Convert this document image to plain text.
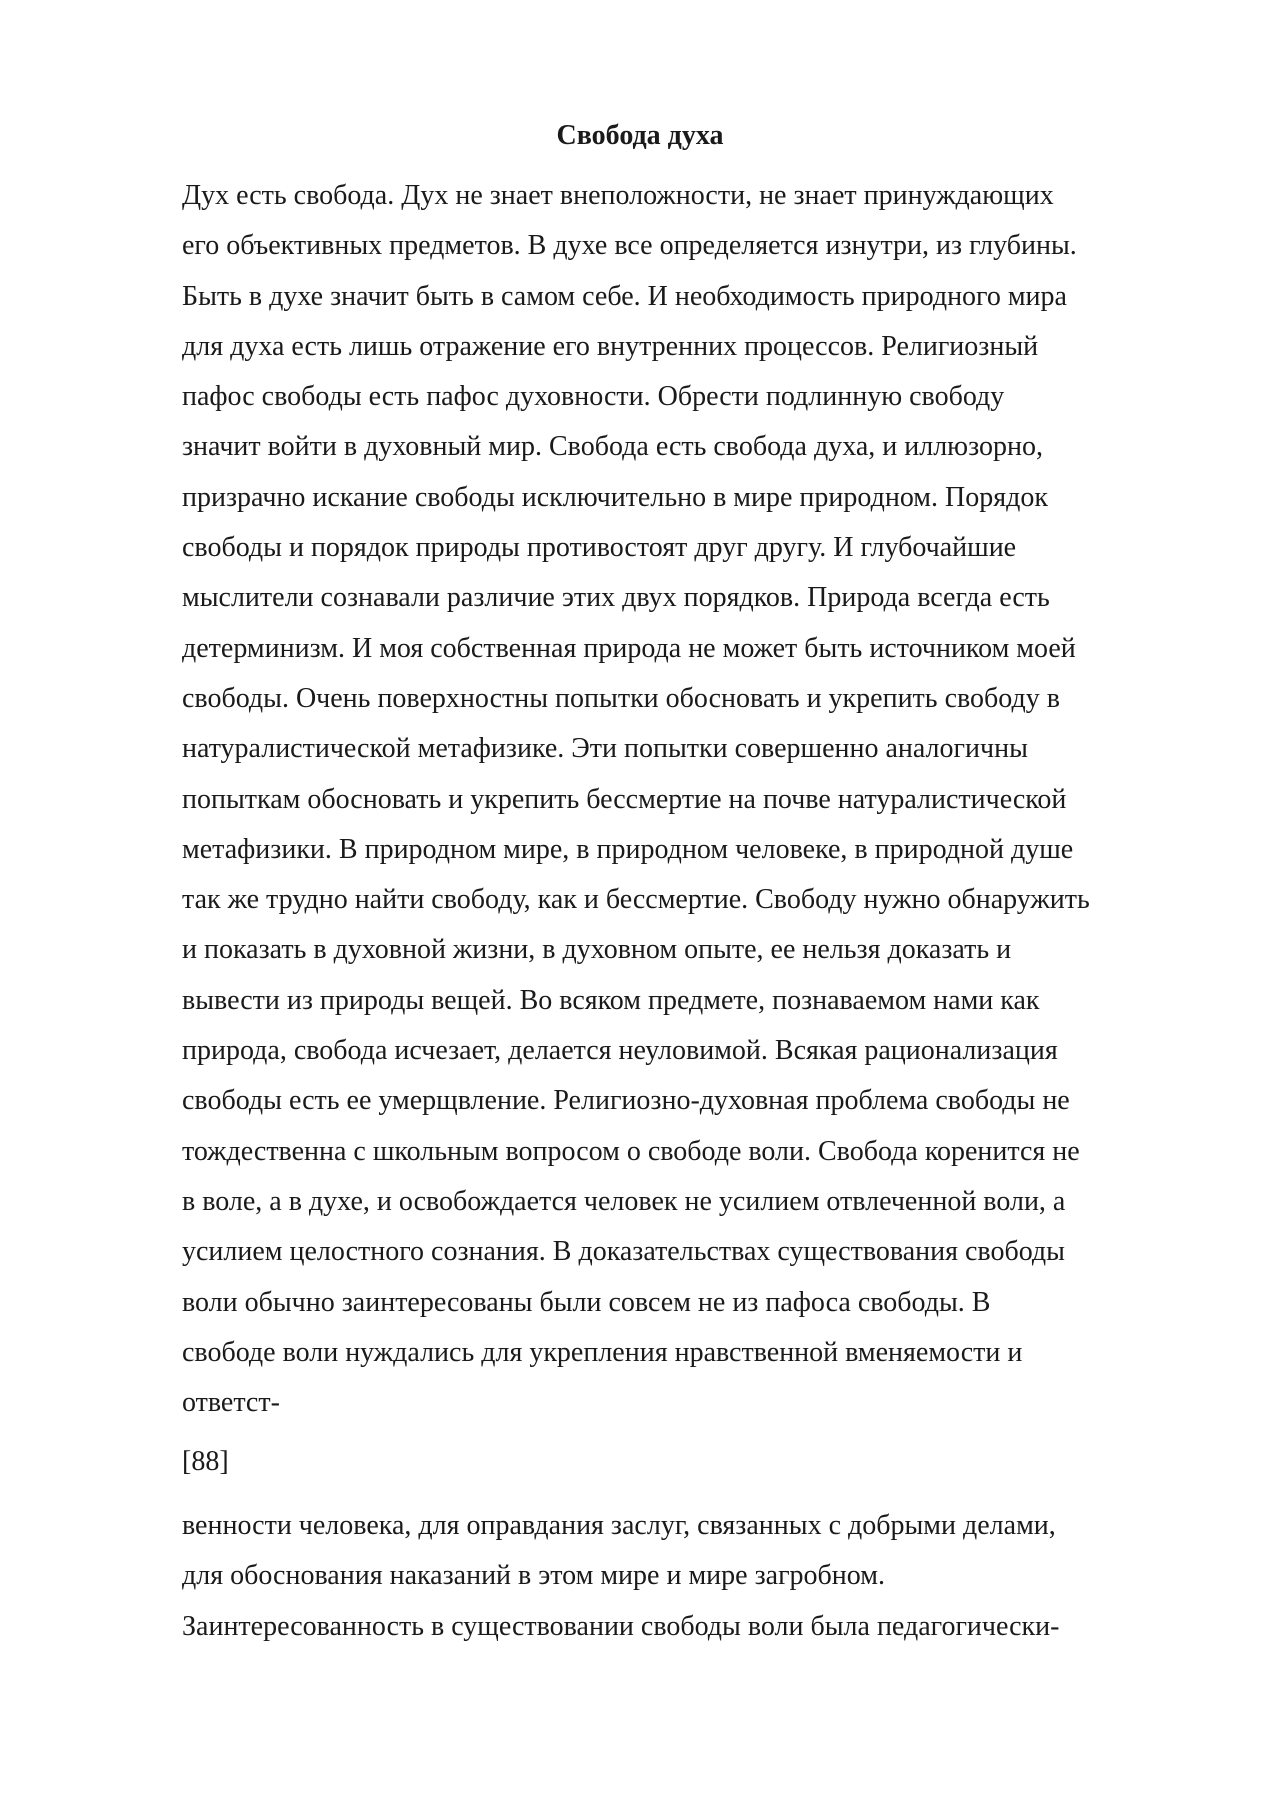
Свобода духа
Дух есть свобода. Дух не знает внеположности, не знает принуждающих
его объективных предметов. В духе все определяется изнутри, из глубины.
Быть в духе значит быть в самом себе. И необходимость природного мира
для духа есть лишь отражение его внутренних процессов. Религиозный
пафос свободы есть пафос духовности. Обрести подлинную свободу
значит войти в духовный мир. Свобода есть свобода духа, и иллюзорно,
призрачно искание свободы исключительно в мире природном. Порядок
свободы и порядок природы противостоят друг другу. И глубочайшие
мыслители сознавали различие этих двух порядков. Природа всегда есть
детерминизм. И моя собственная природа не может быть источником моей
свободы. Очень поверхностны попытки обосновать и укрепить свободу в
натуралистической метафизике. Эти попытки совершенно аналогичны
попыткам обосновать и укрепить бессмертие на почве натуралистической
метафизики. В природном мире, в природном человеке, в природной душе
так же трудно найти свободу, как и бессмертие. Свободу нужно обнаружить
и показать в духовной жизни, в духовном опыте, ее нельзя доказать и
вывести из природы вещей. Во всяком предмете, познаваемом нами как
природа, свобода исчезает, делается неуловимой. Всякая рационализация
свободы есть ее умерщвление. Религиозно-духовная проблема свободы не
тождественна с школьным вопросом о свободе воли. Свобода коренится не
в воле, а в духе, и освобождается человек не усилием отвлеченной воли, а
усилием целостного сознания. В доказательствах существования свободы
воли обычно заинтересованы были совсем не из пафоса свободы. В
свободе воли нуждались для укрепления нравственной вменяемости и
ответст-
[88]
венности человека, для оправдания заслуг, связанных с добрыми делами,
для обоснования наказаний в этом мире и мире загробном.
Заинтересованность в существовании свободы воли была педагогически-
